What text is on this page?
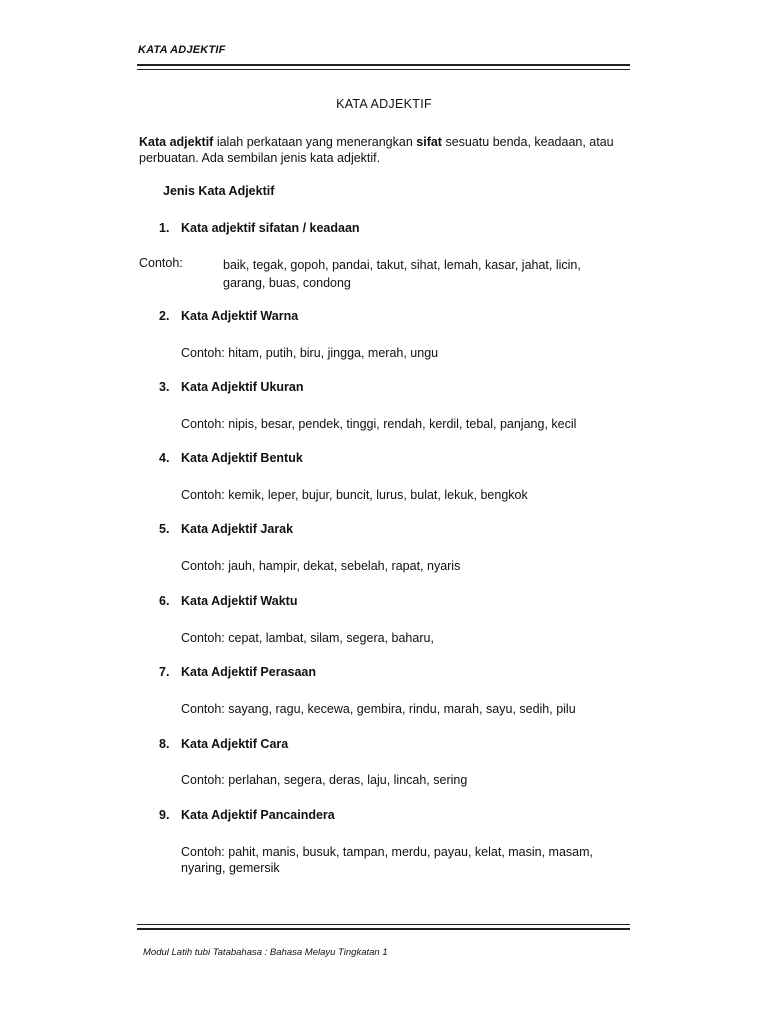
KATA ADJEKTIF
KATA ADJEKTIF
Kata adjektif ialah perkataan yang menerangkan sifat sesuatu benda, keadaan, atau perbuatan. Ada sembilan jenis kata adjektif.
Jenis Kata Adjektif
1. Kata adjektif sifatan / keadaan
Contoh:	baik, tegak, gopoh, pandai, takut, sihat, lemah, kasar, jahat, licin, garang, buas, condong
2. Kata Adjektif Warna
Contoh: hitam, putih, biru, jingga, merah, ungu
3. Kata Adjektif Ukuran
Contoh: nipis, besar, pendek, tinggi, rendah, kerdil, tebal, panjang, kecil
4. Kata Adjektif Bentuk
Contoh: kemik, leper, bujur, buncit, lurus, bulat, lekuk, bengkok
5. Kata Adjektif Jarak
Contoh: jauh, hampir, dekat, sebelah, rapat, nyaris
6. Kata Adjektif Waktu
Contoh: cepat, lambat, silam, segera, baharu,
7. Kata Adjektif Perasaan
Contoh: sayang, ragu, kecewa, gembira, rindu, marah, sayu, sedih, pilu
8. Kata Adjektif Cara
Contoh: perlahan, segera, deras, laju, lincah, sering
9. Kata Adjektif Pancaindera
Contoh: pahit, manis, busuk, tampan, merdu, payau, kelat, masin, masam, nyaring, gemersik
Modul Latih tubi Tatabahasa : Bahasa Melayu Tingkatan 1
